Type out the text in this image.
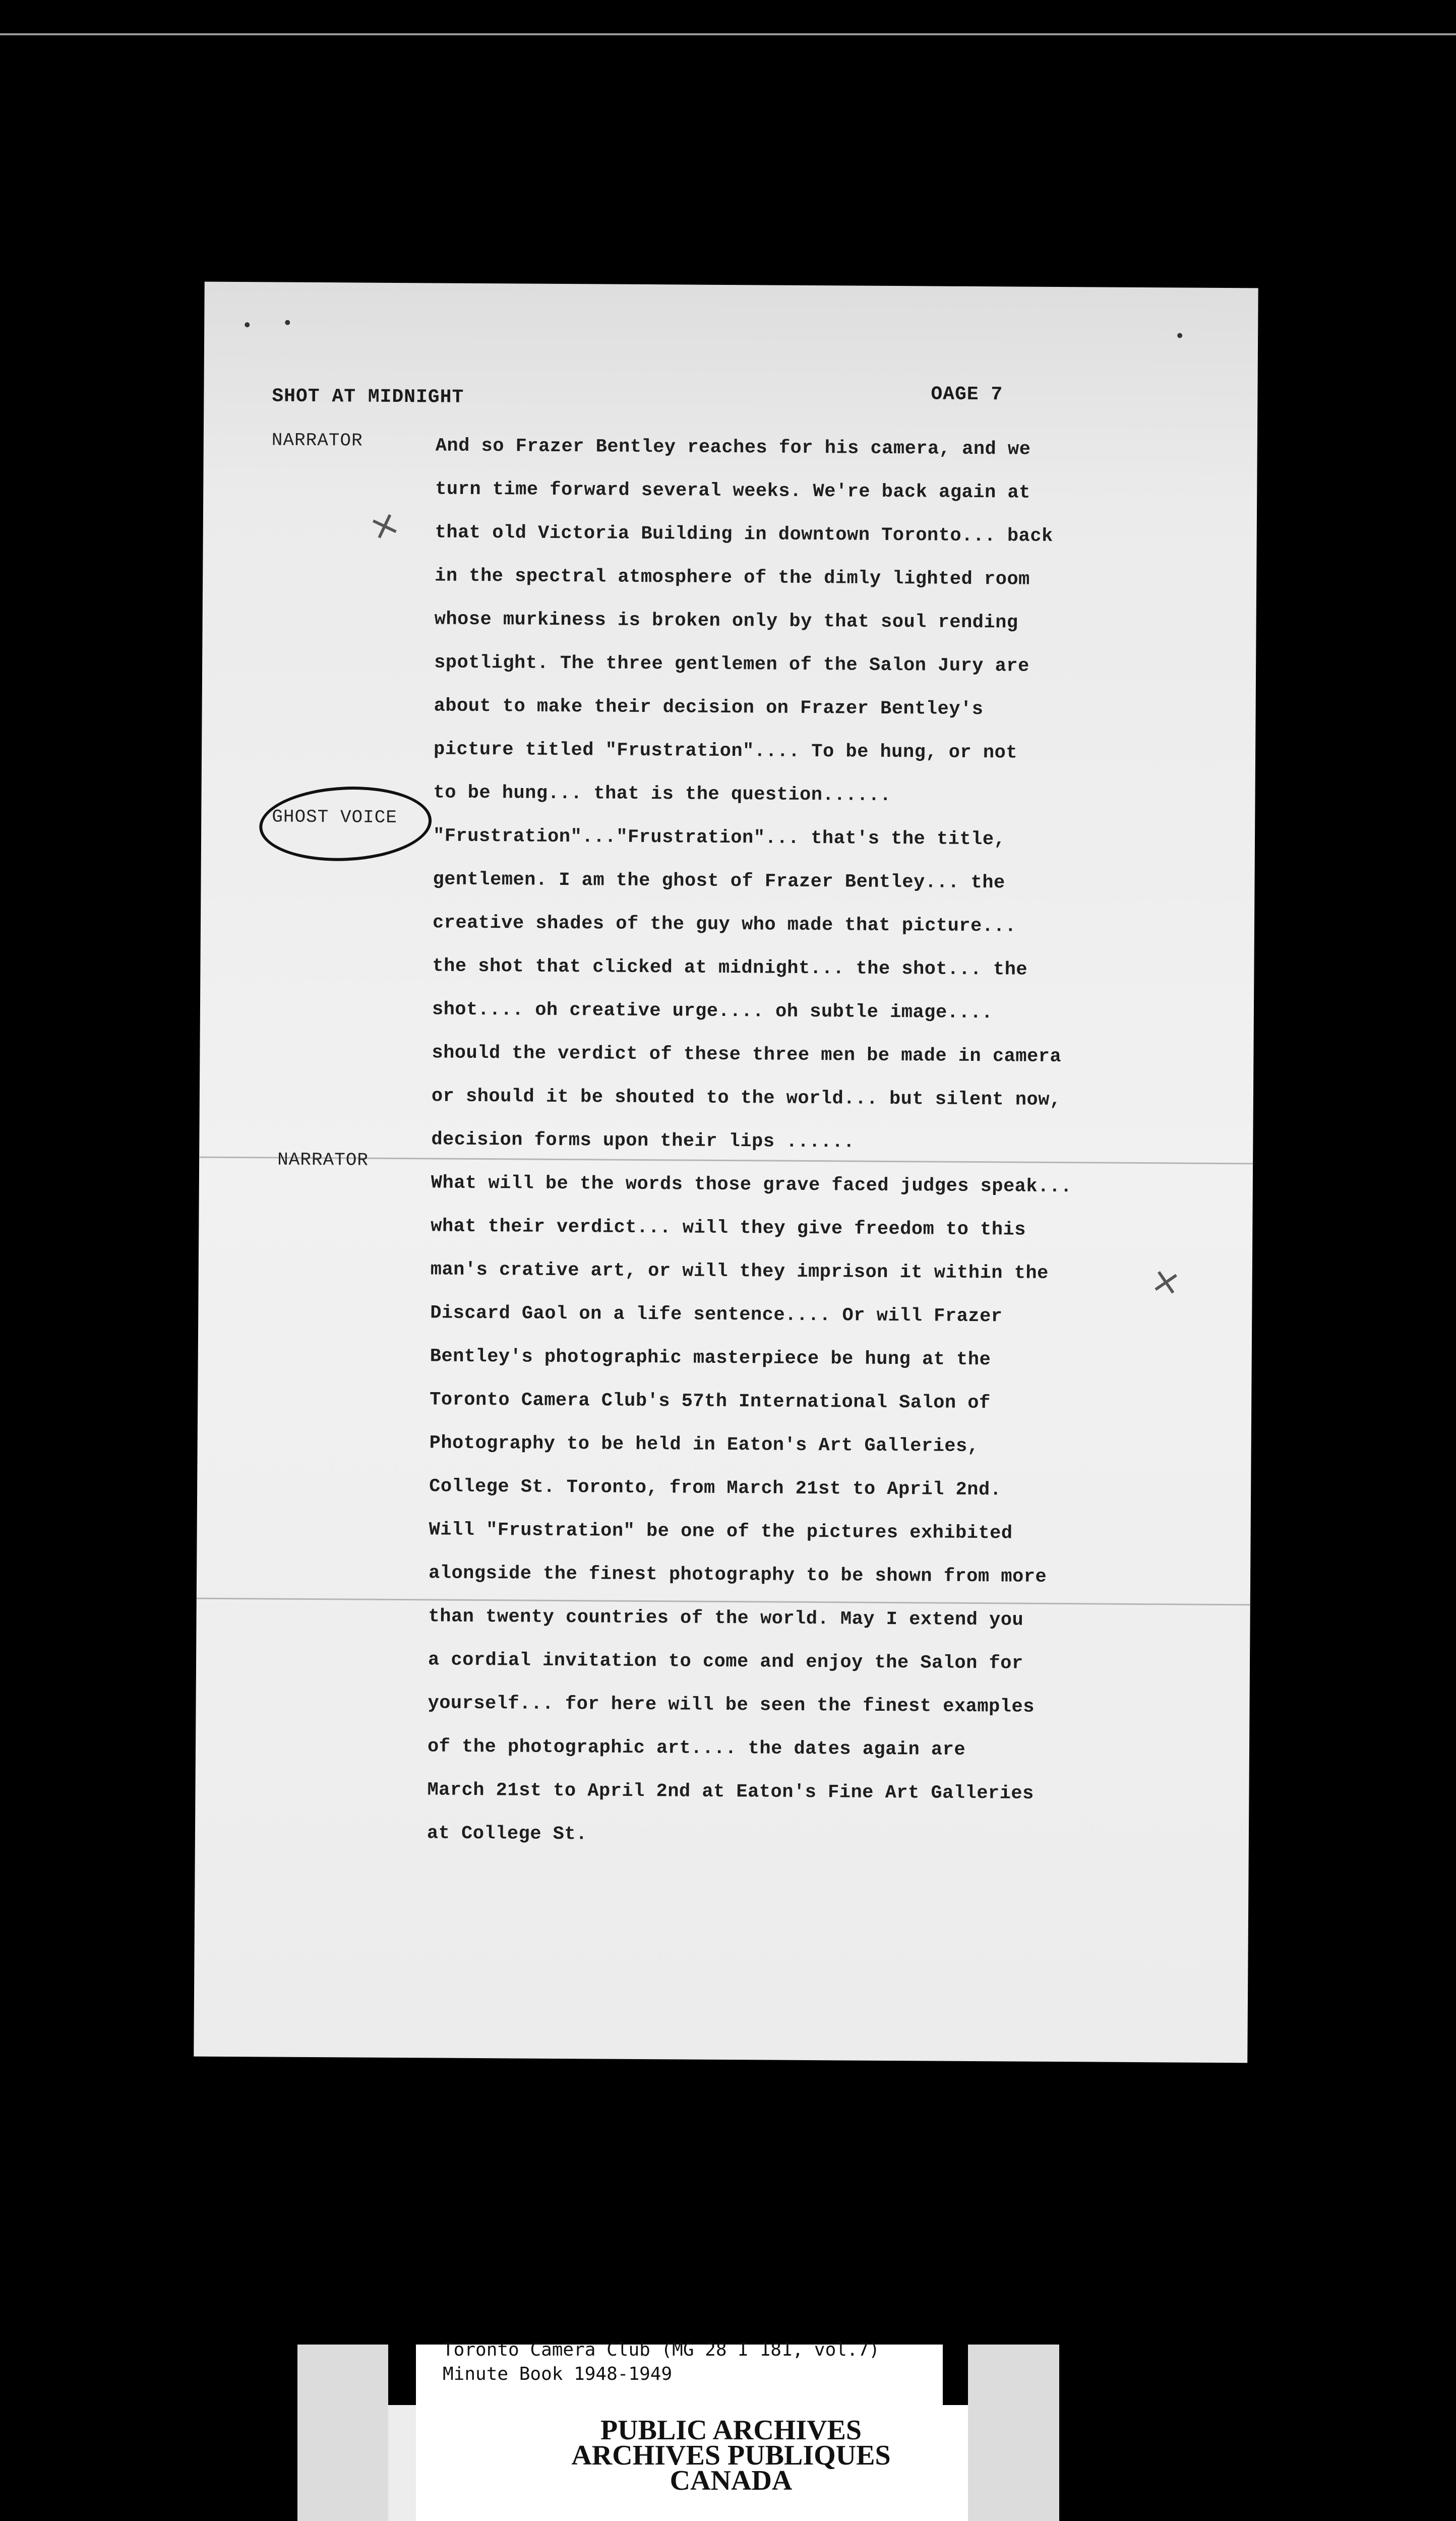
SHOT AT MIDNIGHT	OAGE 7
NARRATOR
GHOST VOICE
NARRATOR
×
×
And so Frazer Bentley reaches for his camera, and we
turn time forward several weeks. We're back again at
that old Victoria Building in downtown Toronto... back
in the spectral atmosphere of the dimly lighted room
whose murkiness is broken only by that soul rending
spotlight. The three gentlemen of the Salon Jury are
about to make their decision on Frazer Bentley's
picture titled "Frustration".... To be hung, or not
to be hung... that is the question......
"Frustration"..."Frustration"... that's the title,
gentlemen. I am the ghost of Frazer Bentley... the
creative shades of the guy who made that picture...
the shot that clicked at midnight... the shot... the
shot.... oh creative urge.... oh subtle image....
should the verdict of these three men be made in camera
or should it be shouted to the world... but silent now,
decision forms upon their lips ......
What will be the words those grave faced judges speak...
what their verdict... will they give freedom to this
man's crative art, or will they imprison it within the
Discard Gaol on a life sentence.... Or will Frazer
Bentley's photographic masterpiece be hung at the
Toronto Camera Club's 57th International Salon of
Photography to be held in Eaton's Art Galleries,
College St. Toronto, from March 21st to April 2nd.
Will "Frustration" be one of the pictures exhibited
alongside the finest photography to be shown from more
than twenty countries of the world. May I extend you
a cordial invitation to come and enjoy the Salon for
yourself... for here will be seen the finest examples
of the photographic art.... the dates again are
March 21st to April 2nd at Eaton's Fine Art Galleries
at College St.
Toronto Camera Club (MG 28 I 181, vol.7)
Minute Book 1948-1949
PUBLIC ARCHIVES
ARCHIVES PUBLIQUES
CANADA
